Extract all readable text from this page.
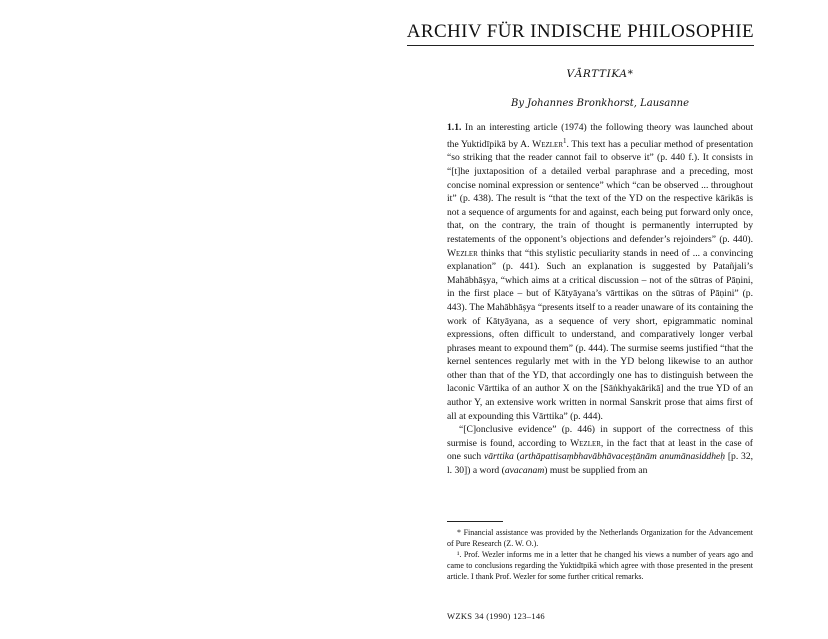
ARCHIV FÜR INDISCHE PHILOSOPHIE
VĀRTTIKA*
By Johannes Bronkhorst, Lausanne

1.1. In an interesting article (1974) the following theory was launched about the Yuktidīpikā by A. Wezler$^1$. This text has a peculiar method of presentation “so striking that the reader cannot fail to observe it” (p. 440 f.). It consists in “[t]he juxtaposition of a detailed verbal paraphrase and a preceding, most concise nominal expression or sentence” which “can be observed ... throughout it” (p. 438). The result is “that the text of the YD on the respective kārikās is not a sequence of arguments for and against, each being put forward only once, that, on the contrary, the train of thought is permanently interrupted by restatements of the opponent’s objections and defender’s rejoinders” (p. 440). Wezler thinks that “this stylistic peculiarity stands in need of ... a convincing explanation” (p. 441). Such an explanation is suggested by Patañjali’s Mahābhāṣya, “which aims at a critical discussion – not of the sūtras of Pāṇini, in the first place – but of Kātyāyana’s vārttikas on the sūtras of Pāṇini” (p. 443). The Mahābhāṣya “presents itself to a reader unaware of its containing the work of Kātyāyana, as a sequence of very short, epigrammatic nominal expressions, often difficult to understand, and comparatively longer verbal phrases meant to expound them” (p. 444). The surmise seems justified “that the kernel sentences regularly met with in the YD belong likewise to an author other than that of the YD, that accordingly one has to distinguish between the laconic Vārttika of an author X on the [Sāṅkhyakārikā] and the true YD of an author Y, an extensive work written in normal Sanskrit prose that aims first of all at expounding this Vārttika” (p. 444).

“[C]onclusive evidence” (p. 446) in support of the correctness of this surmise is found, according to Wezler, in the fact that at least in the case of one such vārttika (arthāpattisaṃbhavābhāvaceṣṭānām anumānasiddheḥ [p. 32, l. 30]) a word (avacanam) must be supplied from an

* Financial assistance was provided by the Netherlands Organization for the Advancement of Pure Research (Z. W. O.).

¹. Prof. Wezler informs me in a letter that he changed his views a number of years ago and came to conclusions regarding the Yuktidīpikā which agree with those presented in the present article. I thank Prof. Wezler for some further critical remarks.

WZKS 34 (1990) 123–146
